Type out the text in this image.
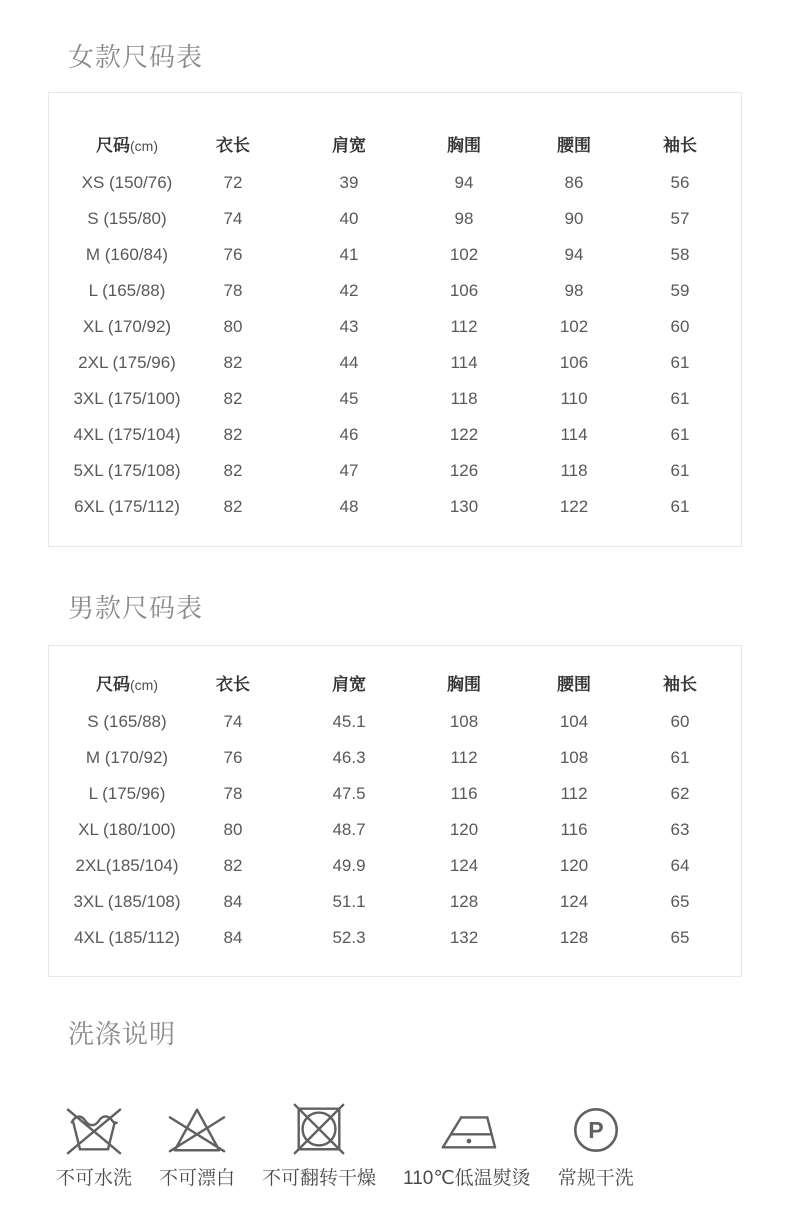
女款尺码表
尺码(cm)	衣长	肩宽	胸围	腰围	袖长
XS (150/76)	72	39	94	86	56
S (155/80)	74	40	98	90	57
M (160/84)	76	41	102	94	58
L (165/88)	78	42	106	98	59
XL (170/92)	80	43	112	102	60
2XL (175/96)	82	44	114	106	61
3XL (175/100)	82	45	118	110	61
4XL (175/104)	82	46	122	114	61
5XL (175/108)	82	47	126	118	61
6XL (175/112)	82	48	130	122	61
男款尺码表
尺码(cm)	衣长	肩宽	胸围	腰围	袖长
S (165/88)	74	45.1	108	104	60
M (170/92)	76	46.3	112	108	61
L (175/96)	78	47.5	116	112	62
XL (180/100)	80	48.7	120	116	63
2XL(185/104)	82	49.9	124	120	64
3XL (185/108)	84	51.1	128	124	65
4XL (185/112)	84	52.3	132	128	65
洗涤说明
不可水洗 不可漂白 不可翻转干燥 110℃低温熨烫
P
常规干洗
